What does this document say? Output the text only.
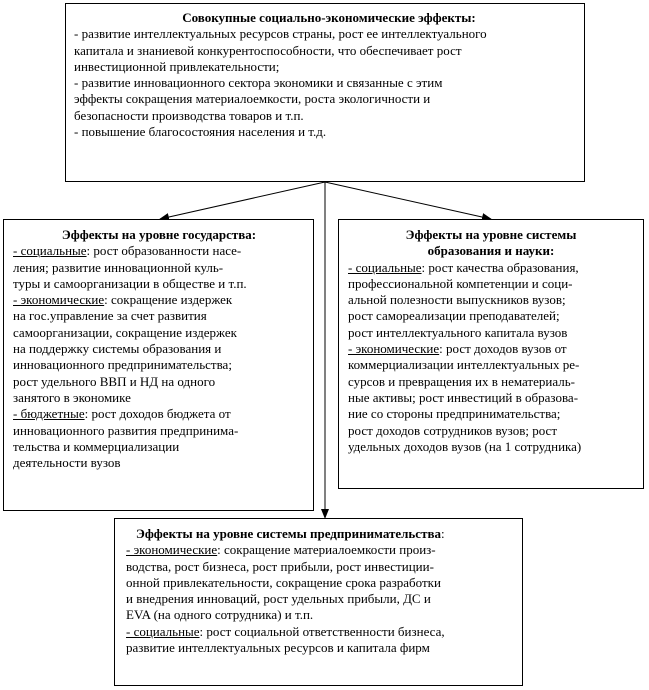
Совокупные социально-экономические эффекты:
- развитие интеллектуальных ресурсов страны, рост ее интеллектуального
капитала и знаниевой конкурентоспособности, что обеспечивает рост
инвестиционной привлекательности;
- развитие инновационного сектора экономики и связанные с этим
эффекты сокращения материалоемкости, роста экологичности и
безопасности производства товаров и т.п.
- повышение благосостояния населения и т.д.
Эффекты на уровне государства:
- социальные: рост образованности насе-
ления; развитие инновационной куль-
туры и самоорганизации в обществе и т.п.
- экономические: сокращение издержек
на гос.управление за счет развития
самоорганизации, сокращение издержек
на поддержку системы образования и
инновационного предпринимательства;
рост удельного ВВП и НД на одного
занятого в экономике
- бюджетные: рост доходов бюджета от
инновационного развития предпринима-
тельства и коммерциализации
деятельности вузов
Эффекты на уровне системы
образования и науки:
- социальные: рост качества образования,
профессиональной компетенции и соци-
альной полезности выпускников вузов;
рост самореализации преподавателей;
рост интеллектуального капитала вузов
- экономические: рост доходов вузов от
коммерциализации интеллектуальных ре-
сурсов и превращения их в нематериаль-
ные активы; рост инвестиций в образова-
ние со стороны предпринимательства;
рост доходов сотрудников вузов; рост
удельных доходов вузов (на 1 сотрудника)
Эффекты на уровне системы предпринимательства:
- экономические: сокращение материалоемкости произ-
водства, рост бизнеса, рост прибыли, рост инвестиции-
онной привлекательности, сокращение срока разработки
и внедрения инноваций, рост удельных прибыли, ДС и
EVA (на одного сотрудника) и т.п.
- социальные: рост социальной ответственности бизнеса,
развитие интеллектуальных ресурсов и капитала фирм
